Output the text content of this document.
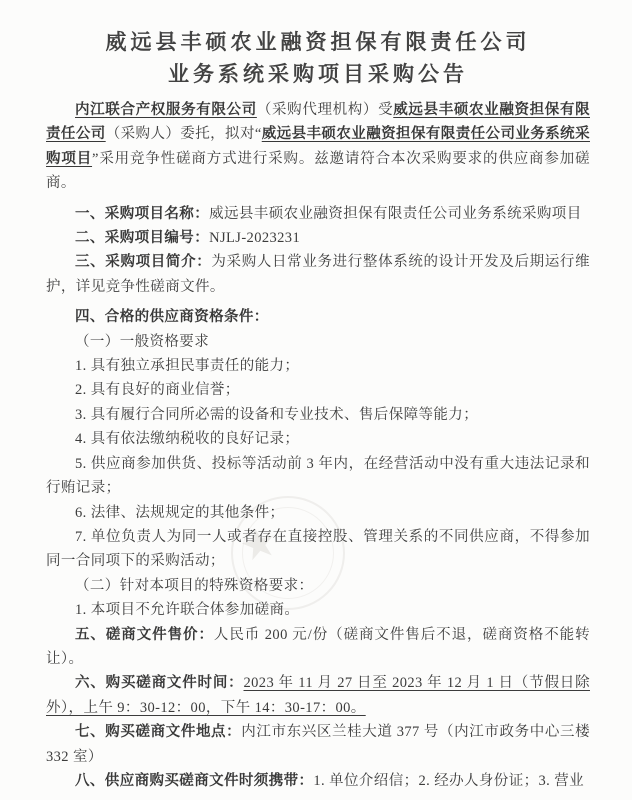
★
威远县丰硕农业融资担保有限责任公司
业务系统采购项目采购公告

内江联合产权服务有限公司（采购代理机构）受威远县丰硕农业融资担保有限责任公司（采购人）委托，拟对“威远县丰硕农业融资担保有限责任公司业务系统采购项目”采用竞争性磋商方式进行采购。兹邀请符合本次采购要求的供应商参加磋商。

一、采购项目名称：威远县丰硕农业融资担保有限责任公司业务系统采购项目

二、采购项目编号：NJLJ-2023231

三、采购项目简介：为采购人日常业务进行整体系统的设计开发及后期运行维护，详见竞争性磋商文件。

四、合格的供应商资格条件：

（一）一般资格要求

1. 具有独立承担民事责任的能力；

2. 具有良好的商业信誉；

3. 具有履行合同所必需的设备和专业技术、售后保障等能力；

4. 具有依法缴纳税收的良好记录；

5. 供应商参加供货、投标等活动前 3 年内，在经营活动中没有重大违法记录和行贿记录；

6. 法律、法规规定的其他条件；

7. 单位负责人为同一人或者存在直接控股、管理关系的不同供应商，不得参加同一合同项下的采购活动；

（二）针对本项目的特殊资格要求：

1. 本项目不允许联合体参加磋商。

五、磋商文件售价：人民币 200 元/份（磋商文件售后不退，磋商资格不能转让）。

六、购买磋商文件时间：2023 年 11 月 27 日至 2023 年 12 月 1 日（节假日除外），上午 9：30-12：00，下午 14：30-17：00。

七、购买磋商文件地点：内江市东兴区兰桂大道 377 号（内江市政务中心三楼 332 室）

八、供应商购买磋商文件时须携带：1. 单位介绍信；2. 经办人身份证；3. 营业
